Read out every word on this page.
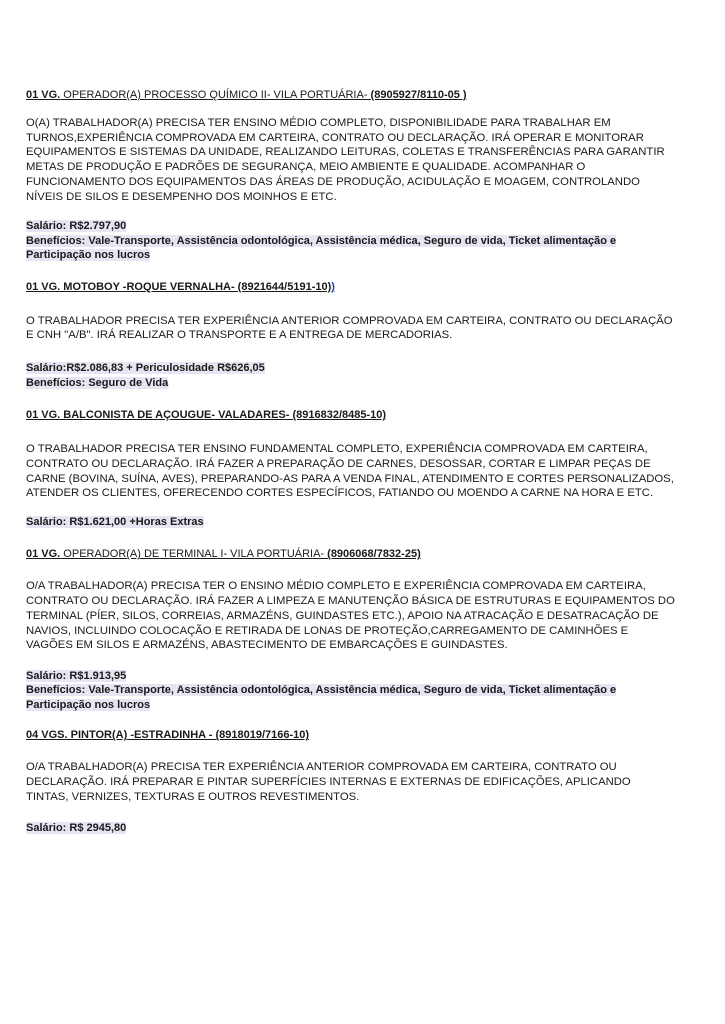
01 VG. OPERADOR(A) PROCESSO QUÍMICO II- VILA PORTUÁRIA- (8905927/8110-05 )

O(A) TRABALHADOR(A) PRECISA TER ENSINO MÉDIO COMPLETO, DISPONIBILIDADE PARA TRABALHAR EM TURNOS,EXPERIÊNCIA COMPROVADA EM CARTEIRA, CONTRATO OU DECLARAÇÃO. IRÁ OPERAR E MONITORAR EQUIPAMENTOS E SISTEMAS DA UNIDADE, REALIZANDO LEITURAS, COLETAS E TRANSFERÊNCIAS PARA GARANTIR METAS DE PRODUÇÃO E PADRÕES DE SEGURANÇA, MEIO AMBIENTE E QUALIDADE. ACOMPANHAR O FUNCIONAMENTO DOS EQUIPAMENTOS DAS ÁREAS DE PRODUÇÃO, ACIDULAÇÃO E MOAGEM, CONTROLANDO NÍVEIS DE SILOS E DESEMPENHO DOS MOINHOS E ETC.

Salário: R$2.797,90
Benefícios: Vale-Transporte, Assistência odontológica, Assistência médica, Seguro de vida, Ticket alimentação e Participação nos lucros

01 VG. MOTOBOY -ROQUE VERNALHA- (8921644/5191-10))

O TRABALHADOR PRECISA TER EXPERIÊNCIA ANTERIOR COMPROVADA EM CARTEIRA, CONTRATO OU DECLARAÇÃO E CNH "A/B". IRÁ REALIZAR O TRANSPORTE E A ENTREGA DE MERCADORIAS.

Salário:R$2.086,83 + Periculosidade R$626,05
Benefícios: Seguro de Vida

01 VG. BALCONISTA DE AÇOUGUE- VALADARES- (8916832/8485-10)

O TRABALHADOR PRECISA TER ENSINO FUNDAMENTAL COMPLETO, EXPERIÊNCIA COMPROVADA EM CARTEIRA, CONTRATO OU DECLARAÇÃO. IRÁ FAZER A PREPARAÇÃO DE CARNES, DESOSSAR, CORTAR E LIMPAR PEÇAS DE CARNE (BOVINA, SUÍNA, AVES), PREPARANDO-AS PARA A VENDA FINAL, ATENDIMENTO E CORTES PERSONALIZADOS, ATENDER OS CLIENTES, OFERECENDO CORTES ESPECÍFICOS, FATIANDO OU MOENDO A CARNE NA HORA E ETC.

Salário: R$1.621,00 +Horas Extras

01 VG. OPERADOR(A) DE TERMINAL I- VILA PORTUÁRIA- (8906068/7832-25)

O/A TRABALHADOR(A) PRECISA TER O ENSINO MÉDIO COMPLETO E EXPERIÊNCIA COMPROVADA EM CARTEIRA, CONTRATO OU DECLARAÇÃO. IRÁ FAZER A LIMPEZA E MANUTENÇÃO BÁSICA DE ESTRUTURAS E EQUIPAMENTOS DO TERMINAL (PÍER, SILOS, CORREIAS, ARMAZÉNS, GUINDASTES ETC.), APOIO NA ATRACAÇÃO E DESATRACAÇÃO DE NAVIOS, INCLUINDO COLOCAÇÃO E RETIRADA DE LONAS DE PROTEÇÃO,CARREGAMENTO DE CAMINHÕES E VAGÕES EM SILOS E ARMAZÉNS, ABASTECIMENTO DE EMBARCAÇÕES E GUINDASTES.

Salário: R$1.913,95
Benefícios: Vale-Transporte, Assistência odontológica, Assistência médica, Seguro de vida, Ticket alimentação e Participação nos lucros

04 VGS. PINTOR(A) -ESTRADINHA - (8918019/7166-10)

O/A TRABALHADOR(A) PRECISA TER EXPERIÊNCIA ANTERIOR COMPROVADA EM CARTEIRA, CONTRATO OU DECLARAÇÃO. IRÁ PREPARAR E PINTAR SUPERFÍCIES INTERNAS E EXTERNAS DE EDIFICAÇÕES, APLICANDO TINTAS, VERNIZES, TEXTURAS E OUTROS REVESTIMENTOS.

Salário: R$ 2945,80
